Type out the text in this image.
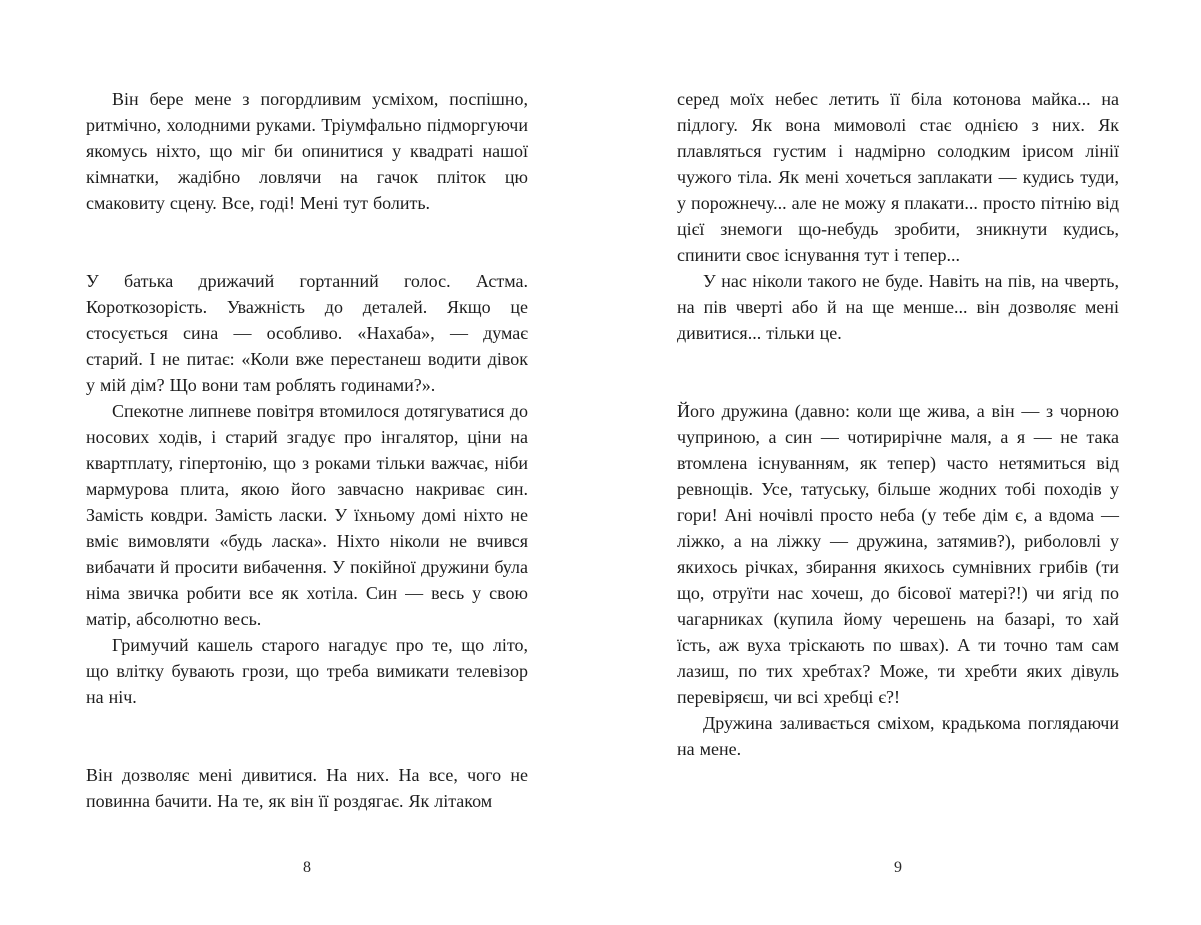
Він бере мене з погордливим усміхом, поспішно, ритмічно, холодними руками. Тріумфально підморгуючи якомусь ніхто, що міг би опинитися у квадраті нашої кімнатки, жадібно ловлячи на гачок пліток цю смаковиту сцену. Все, годі! Мені тут болить.

У батька дрижачий гортанний голос. Астма. Короткозорість. Уважність до деталей. Якщо це стосується сина — особливо. «Нахаба», — думає старий. І не питає: «Коли вже перестанеш водити дівок у мій дім? Що вони там роблять годинами?».

Спекотне липневе повітря втомилося дотягуватися до носових ходів, і старий згадує про інгалятор, ціни на квартплату, гіпертонію, що з роками тільки важчає, ніби мармурова плита, якою його завчасно накриває син. Замість ковдри. Замість ласки. У їхньому домі ніхто не вміє вимовляти «будь ласка». Ніхто ніколи не вчився вибачати й просити вибачення. У покійної дружини була німа звичка робити все як хотіла. Син — весь у свою матір, абсолютно весь.

Гримучий кашель старого нагадує про те, що літо, що влітку бувають грози, що треба вимикати телевізор на ніч.

Він дозволяє мені дивитися. На них. На все, чого не повинна бачити. На те, як він її роздягає. Як літаком

серед моїх небес летить її біла котонова майка... на підлогу. Як вона мимоволі стає однією з них. Як плавляться густим і надмірно солодким ірисом лінії чужого тіла. Як мені хочеться заплакати — кудись туди, у порожнечу... але не можу я плакати... просто пітнію від цієї знемоги що-небудь зробити, зникнути кудись, спинити своє існування тут і тепер...

У нас ніколи такого не буде. Навіть на пів, на чверть, на пів чверті або й на ще менше... він дозволяє мені дивитися... тільки це.

Його дружина (давно: коли ще жива, а він — з чорною чуприною, а син — чотирирічне маля, а я — не така втомлена існуванням, як тепер) часто нетямиться від ревнощів. Усе, татуську, більше жодних тобі походів у гори! Ані ночівлі просто неба (у тебе дім є, а вдома — ліжко, а на ліжку — дружина, затямив?), риболовлі у якихось річках, збирання якихось сумнівних грибів (ти що, отруїти нас хочеш, до бісової матері?!) чи ягід по чагарниках (купила йому черешень на базарі, то хай їсть, аж вуха тріскають по швах). А ти точно там сам лазиш, по тих хребтах? Може, ти хребти яких дівуль перевіряєш, чи всі хребці є?!

Дружина заливається сміхом, крадькома поглядаючи на мене.

8	9
